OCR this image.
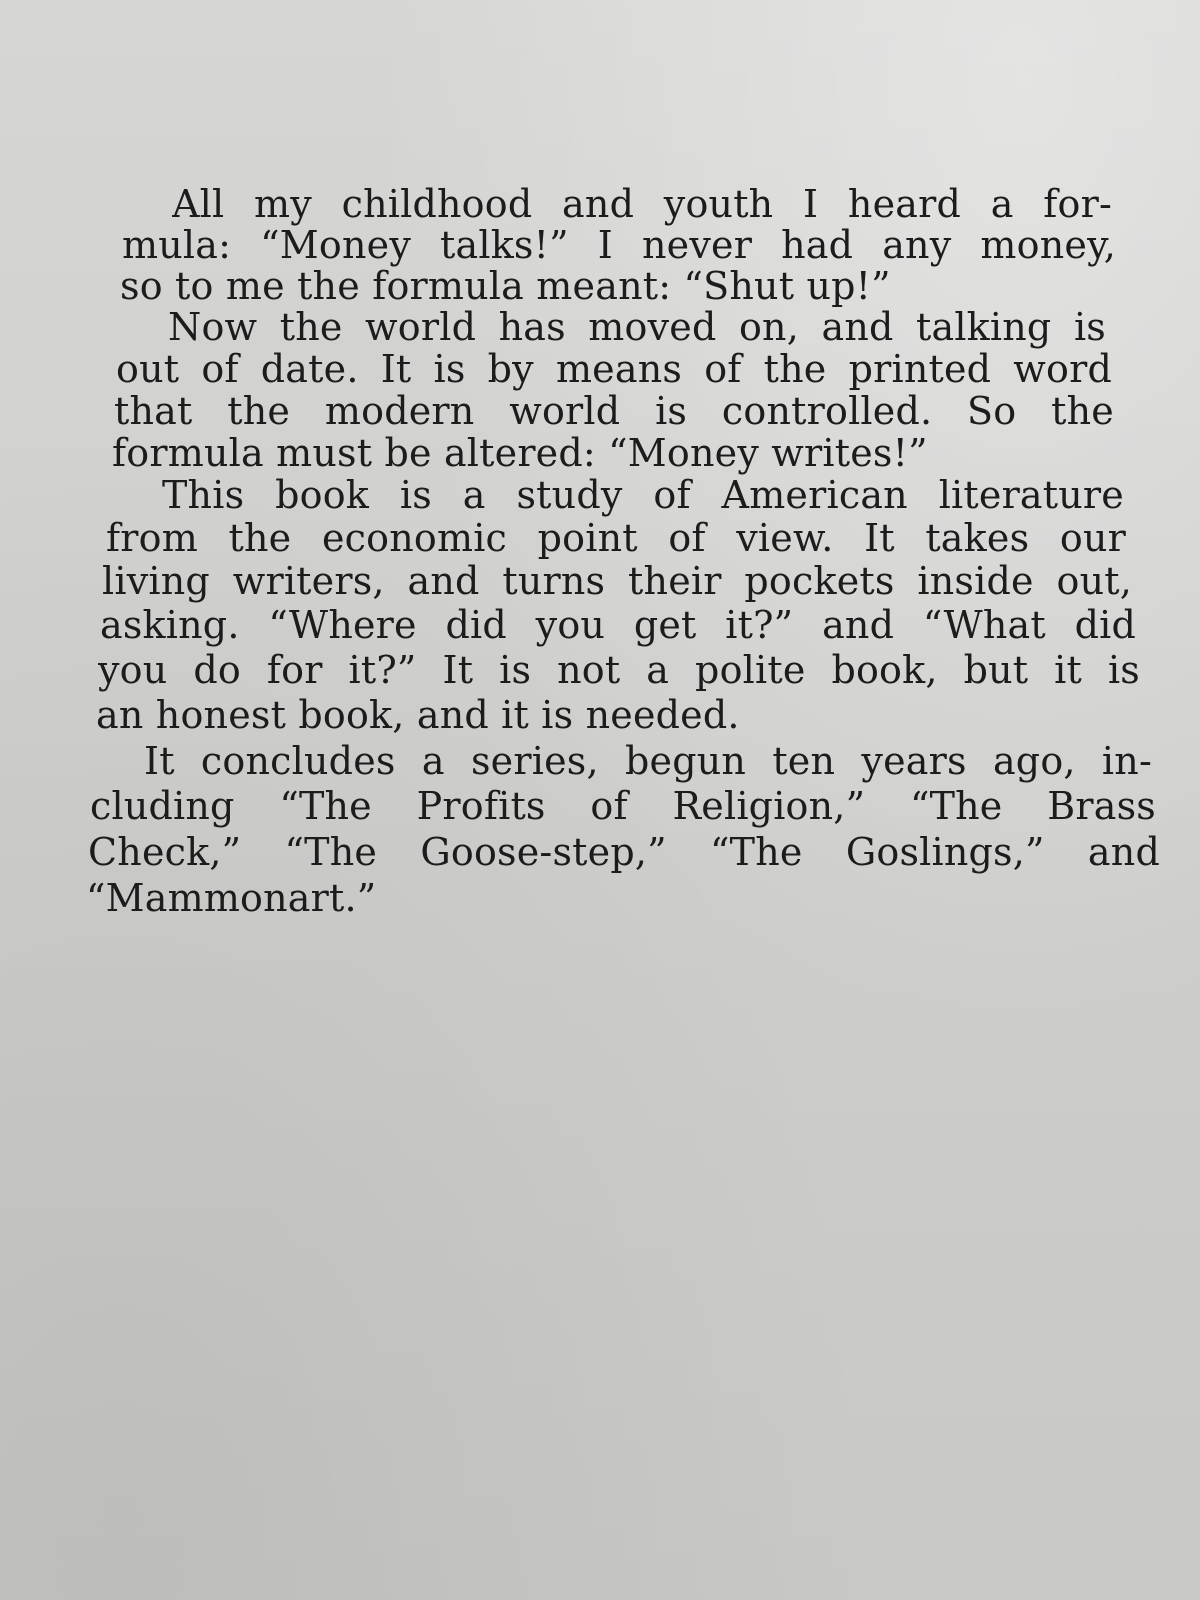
All my childhood and youth I heard a for-
mula: “Money talks!” I never had any money,
so to me the formula meant: “Shut up!”
Now the world has moved on, and talking is
out of date. It is by means of the printed word
that the modern world is controlled. So the
formula must be altered: “Money writes!”
This book is a study of American literature
from the economic point of view. It takes our
living writers, and turns their pockets inside out,
asking. “Where did you get it?” and “What did
you do for it?” It is not a polite book, but it is
an honest book, and it is needed.
It concludes a series, begun ten years ago, in-
cluding “The Profits of Religion,” “The Brass
Check,” “The Goose-step,” “The Goslings,” and
“Mammonart.”
